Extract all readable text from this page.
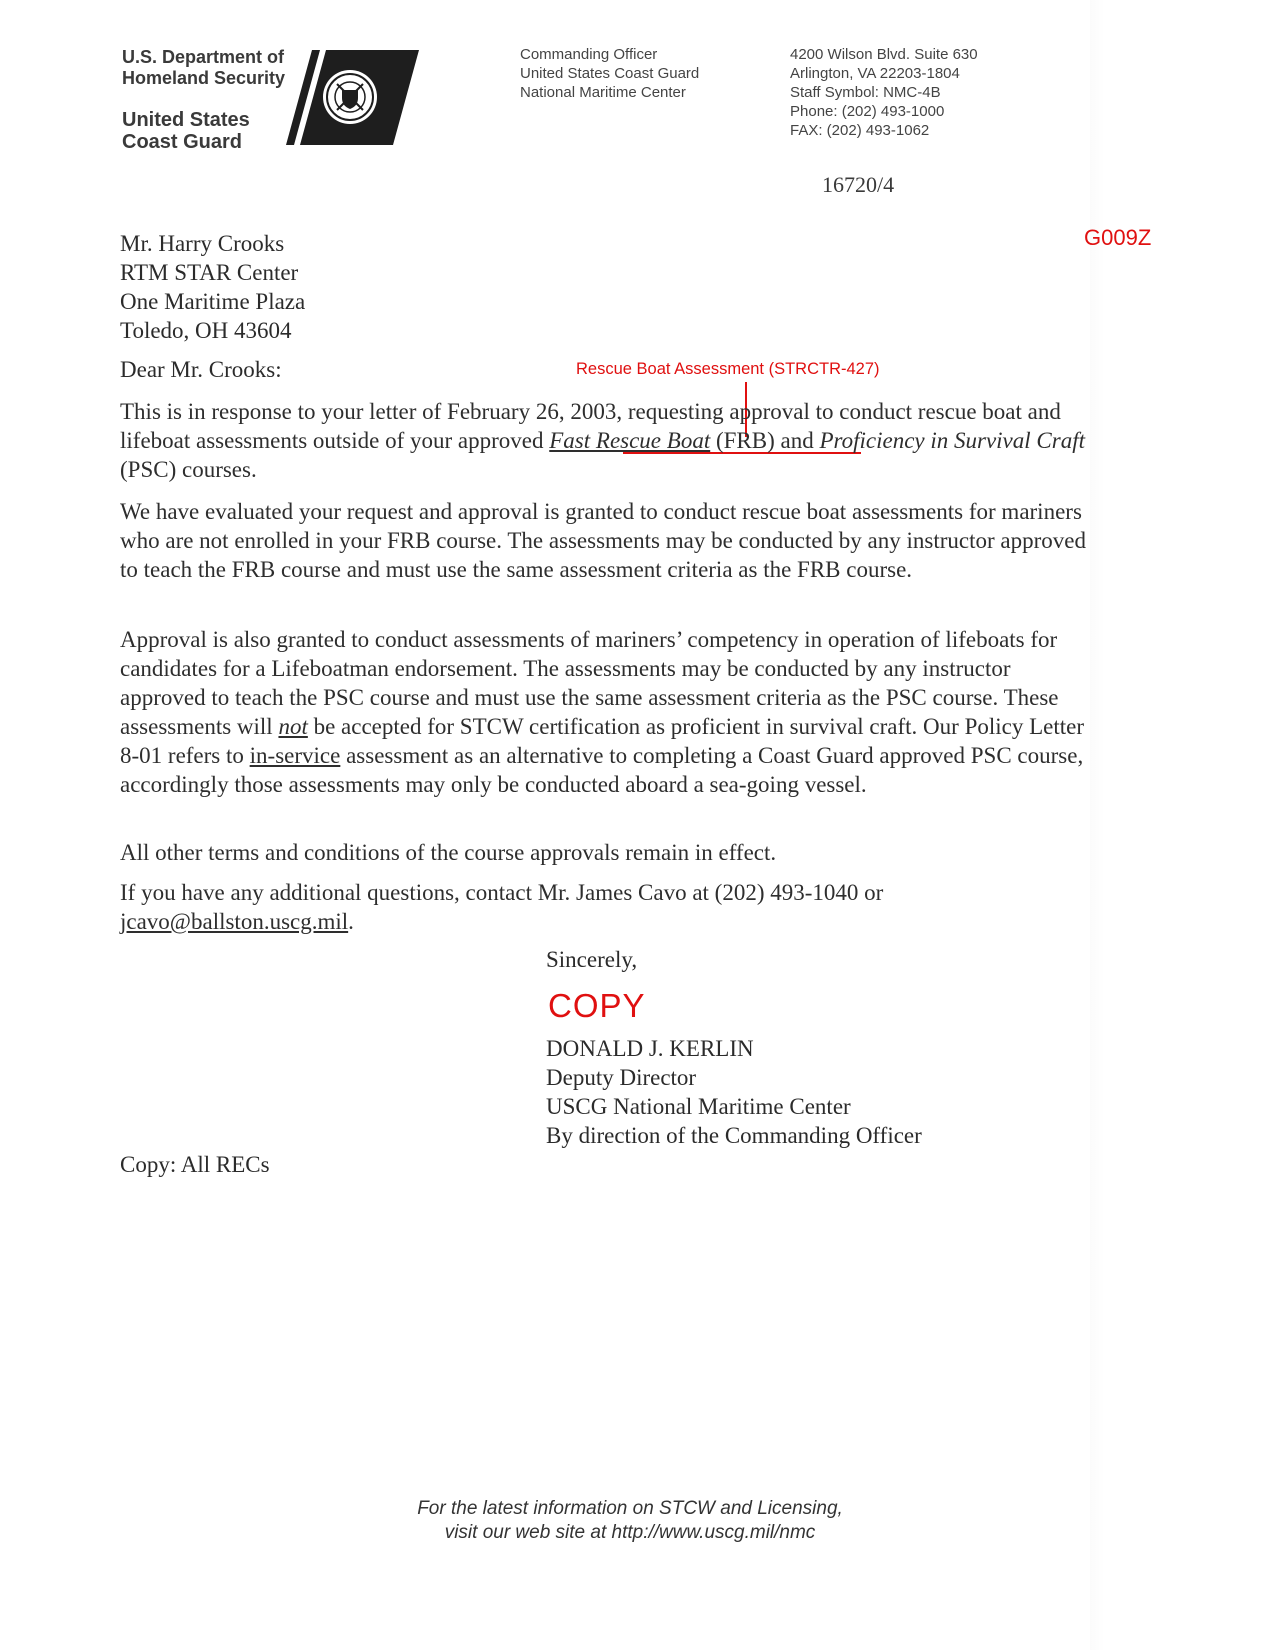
U.S. Department of
Homeland Security
United States
Coast Guard
Commanding Officer
United States Coast Guard
National Maritime Center
4200 Wilson Blvd. Suite 630
Arlington, VA 22203-1804
Staff Symbol: NMC-4B
Phone: (202) 493-1000
FAX: (202) 493-1062
16720/4
G009Z
Mr. Harry Crooks
RTM STAR Center
One Maritime Plaza
Toledo, OH 43604
Dear Mr. Crooks:	Rescue Boat Assessment (STRCTR-427)
This is in response to your letter of February 26, 2003, requesting approval to conduct rescue boat and lifeboat assessments outside of your approved Fast Rescue Boat (FRB) and Proficiency in Survival Craft (PSC) courses.
We have evaluated your request and approval is granted to conduct rescue boat assessments for mariners who are not enrolled in your FRB course. The assessments may be conducted by any instructor approved to teach the FRB course and must use the same assessment criteria as the FRB course.
Approval is also granted to conduct assessments of mariners’ competency in operation of lifeboats for candidates for a Lifeboatman endorsement. The assessments may be conducted by any instructor approved to teach the PSC course and must use the same assessment criteria as the PSC course. These assessments will not be accepted for STCW certification as proficient in survival craft. Our Policy Letter 8-01 refers to in-service assessment as an alternative to completing a Coast Guard approved PSC course, accordingly those assessments may only be conducted aboard a sea-going vessel.
All other terms and conditions of the course approvals remain in effect.
If you have any additional questions, contact Mr. James Cavo at (202) 493-1040 or jcavo@ballston.uscg.mil.
Sincerely,
COPY
DONALD J. KERLIN
Deputy Director
USCG National Maritime Center
By direction of the Commanding Officer
Copy: All RECs
For the latest information on STCW and Licensing,
visit our web site at http://www.uscg.mil/nmc
